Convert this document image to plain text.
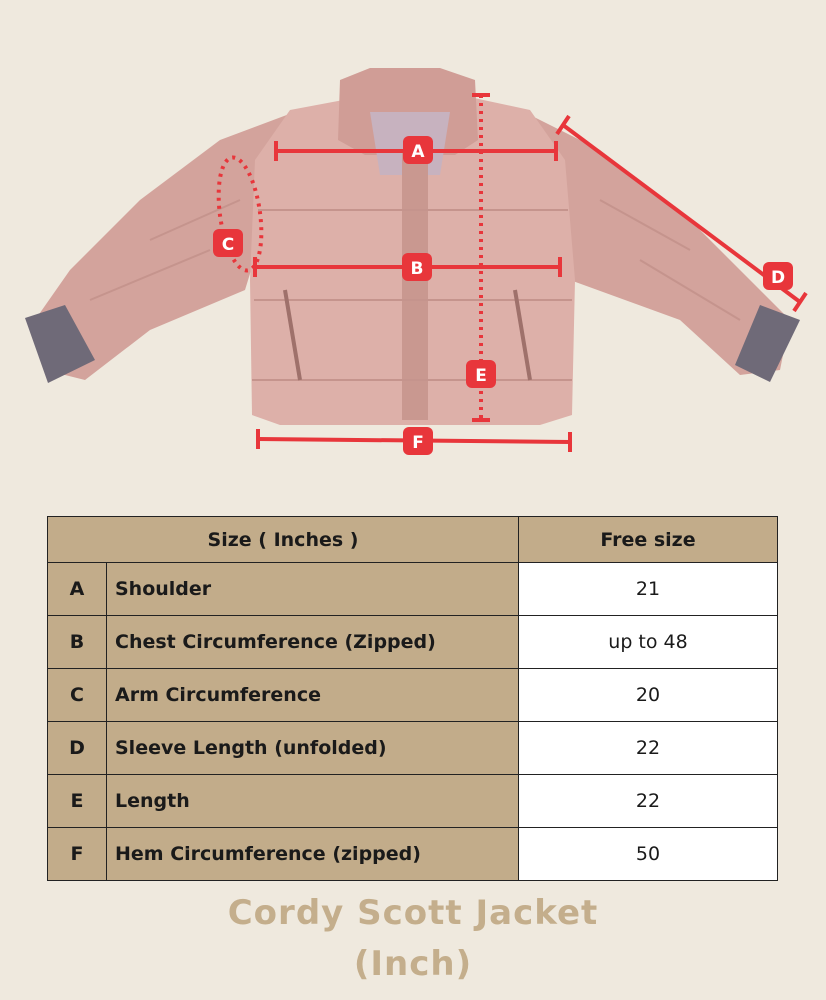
A
B
C
D
E
F
Size ( Inches )		Free size
A	Shoulder	21
B	Chest Circumference (Zipped)	up to 48
C	Arm Circumference	20
D	Sleeve Length (unfolded)	22
E	Length	22
F	Hem Circumference (zipped)	50
Cordy Scott Jacket
(Inch)
